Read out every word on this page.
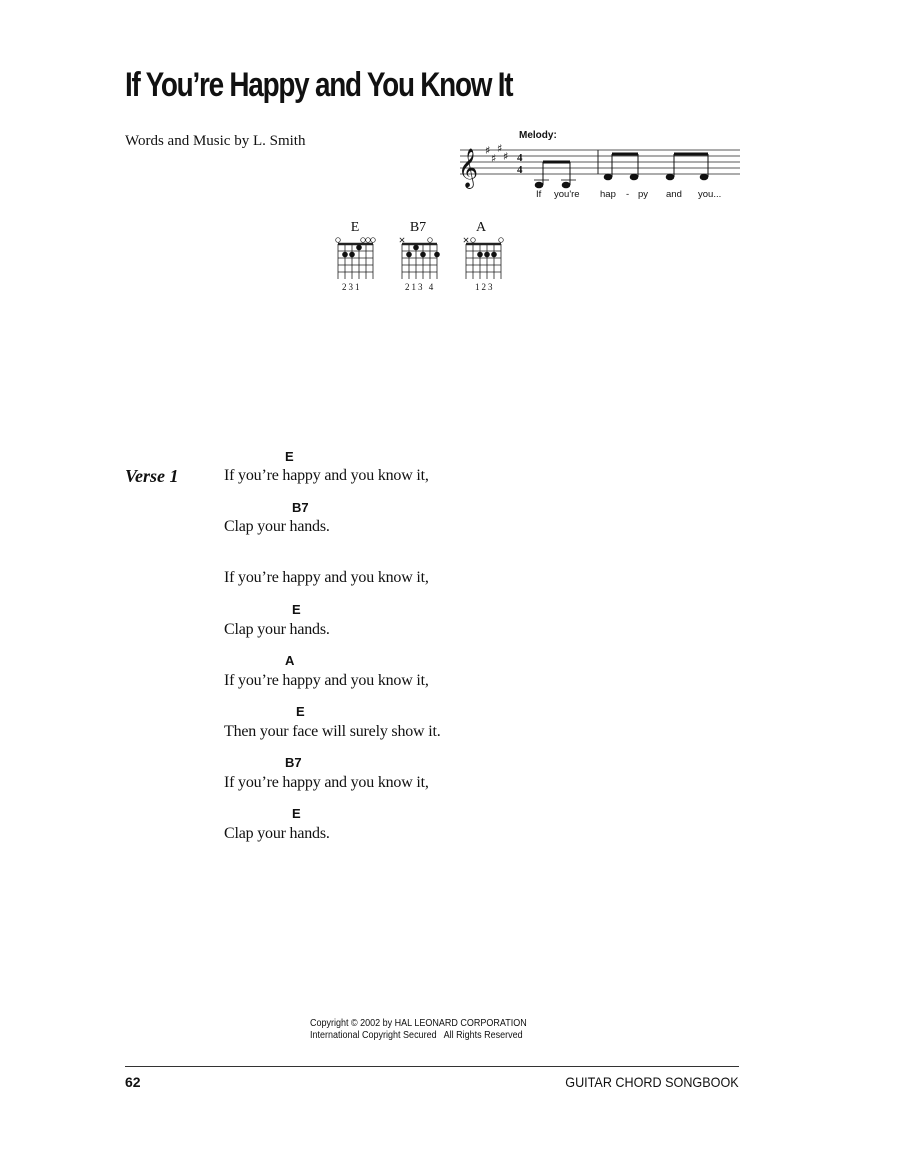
If You’re Happy and You Know It
Words and Music by L. Smith	Melody:
𝄞 ♯
♯
♯
♯ 4
4
If you're hap - py and you...
E
231
B7
213 4
A
123
Verse 1
E
If you’re happy and you know it,
B7
Clap your hands.
If you’re happy and you know it,
E
Clap your hands.
A
If you’re happy and you know it,
E
Then your face will surely show it.
B7
If you’re happy and you know it,
E
Clap your hands.
Copyright © 2002 by HAL LEONARD CORPORATION
International Copyright Secured   All Rights Reserved
62	GUITAR CHORD SONGBOOK
